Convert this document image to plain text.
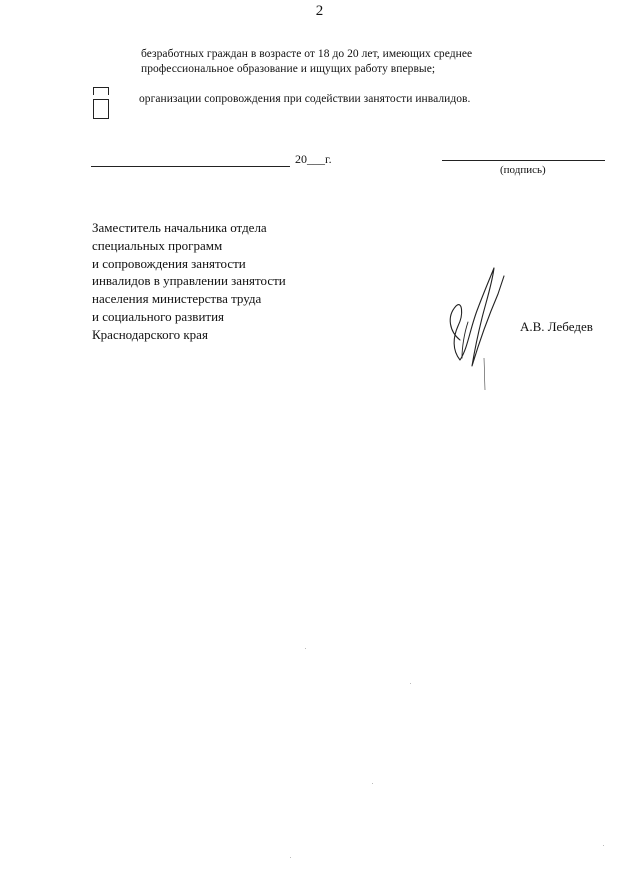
2
безработных граждан в возрасте от 18 до 20 лет, имеющих среднее
профессиональное образование и ищущих работу впервые;
организации сопровождения при содействии занятости инвалидов.
20___г.
(подпись)
Заместитель начальника отдела
специальных программ
и сопровождения занятости
инвалидов в управлении занятости
населения министерства труда
и социального развития
Краснодарского края
А.В. Лебедев
